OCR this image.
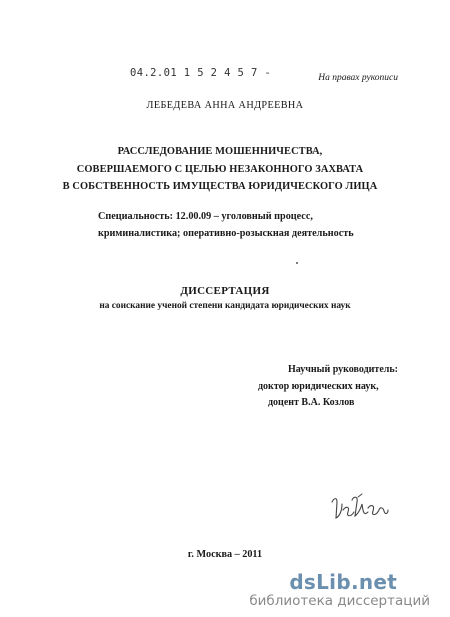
04.2.01 1 5 2 4 5 7 -	На правах рукописи
ЛЕБЕДЕВА АННА АНДРЕЕВНА
РАССЛЕДОВАНИЕ МОШЕННИЧЕСТВА,
СОВЕРШАЕМОГО С ЦЕЛЬЮ НЕЗАКОННОГО ЗАХВАТА
В СОБСТВЕННОСТЬ ИМУЩЕСТВА ЮРИДИЧЕСКОГО ЛИЦА
Специальность: 12.00.09 – уголовный процесс,
криминалистика; оперативно-розыскная деятельность
ДИССЕРТАЦИЯ
на соискание ученой степени кандидата юридических наук
Научный руководитель:
доктор юридических наук,
доцент В.А. Козлов
г. Москва – 2011
dsLib.net
библиотека диссертаций
